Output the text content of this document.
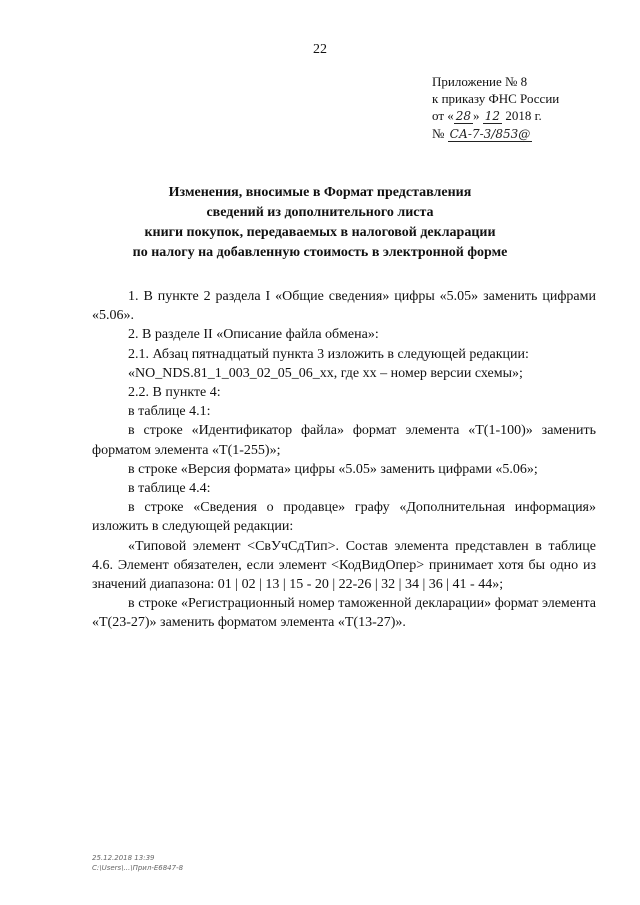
22
Приложение № 8
к приказу ФНС России
от « 28 » 12 2018 г.
№ СА-7-3/853@
Изменения, вносимые в Формат представления
сведений из дополнительного листа
книги покупок, передаваемых в налоговой декларации
по налогу на добавленную стоимость в электронной форме

1. В пункте 2 раздела I «Общие сведения» цифры «5.05» заменить цифрами «5.06».

2. В разделе II «Описание файла обмена»:

2.1. Абзац пятнадцатый пункта 3 изложить в следующей редакции:

«NO_NDS.81_1_003_02_05_06_xx, где xx – номер версии схемы»;

2.2. В пункте 4:

в таблице 4.1:

в строке «Идентификатор файла» формат элемента «Т(1-100)» заменить форматом элемента «Т(1-255)»;

в строке «Версия формата» цифры «5.05» заменить цифрами «5.06»;

в таблице 4.4:

в строке «Сведения о продавце» графу «Дополнительная информация» изложить в следующей редакции:

«Типовой элемент <СвУчСдТип>. Состав элемента представлен в таблице 4.6. Элемент обязателен, если элемент <КодВидОпер> принимает хотя бы одно из значений диапазона: 01 | 02 | 13 | 15 - 20 | 22-26 | 32 | 34 | 36 | 41 - 44»;

в строке «Регистрационный номер таможенной декларации» формат элемента «Т(23-27)» заменить форматом элемента «Т(13-27)».

25.12.2018 13:39
С:\Users\...\Прил-Е6847-8
